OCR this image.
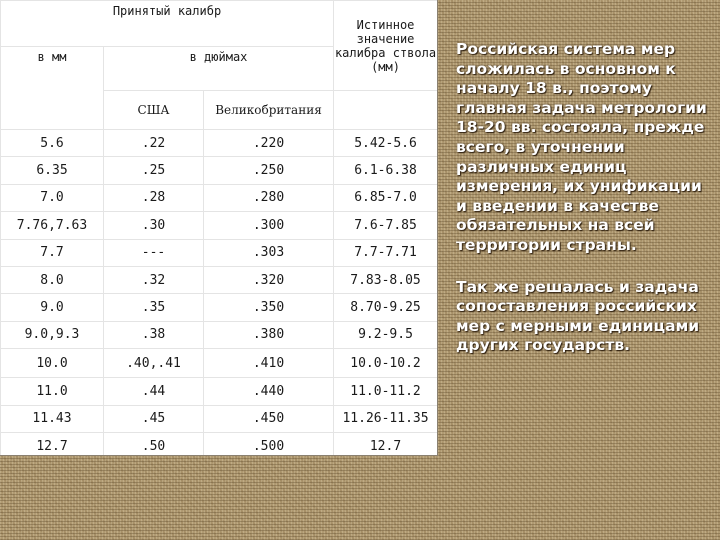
Принятый калибр			Истинное значение калибра ствола (мм)
в мм	в дюймах		
	США	Великобритания	
5.6	.22	.220	5.42-5.6
6.35	.25	.250	6.1-6.38
7.0	.28	.280	6.85-7.0
7.76,7.63	.30	.300	7.6-7.85
7.7	---	.303	7.7-7.71
8.0	.32	.320	7.83-8.05
9.0	.35	.350	8.70-9.25
9.0,9.3	.38	.380	9.2-9.5
10.0	.40,.41	.410	10.0-10.2
11.0	.44	.440	11.0-11.2
11.43	.45	.450	11.26-11.35
12.7	.50	.500	12.7

Российская система мер сложилась в основном к началу 18 в., поэтому главная задача метрологии 18-20 вв. состояла, прежде всего, в уточнении различных единиц измерения, их унификации и введении в качестве обязательных на всей территории страны.

Так же решалась и задача сопоставления российских мер с мерными единицами других государств.
